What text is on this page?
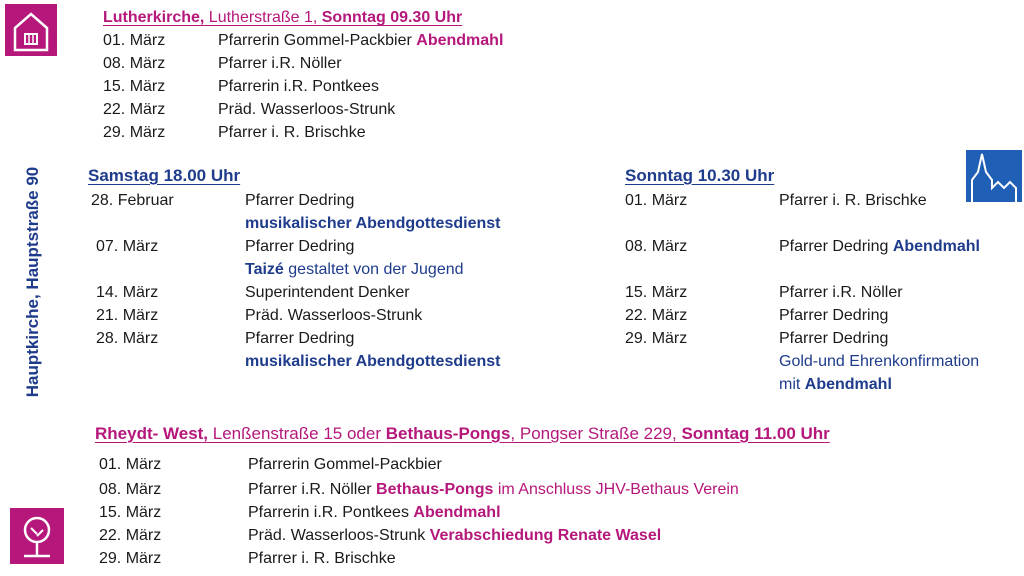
Hauptkirche, Hauptstraße 90
Lutherkirche, Lutherstraße 1, Sonntag 09.30 Uhr
01. März	Pfarrerin Gommel-Packbier Abendmahl
08. März	Pfarrer i.R. Nöller
15. März	Pfarrerin i.R. Pontkees
22. März	Präd. Wasserloos-Strunk
29. März	Pfarrer i. R. Brischke
Samstag 18.00 Uhr
28. Februar	Pfarrer Dedring
musikalischer Abendgottesdienst
07. März	Pfarrer Dedring
Taizé gestaltet von der Jugend
14. März	Superintendent Denker
21. März	Präd. Wasserloos-Strunk
28. März	Pfarrer Dedring
musikalischer Abendgottesdienst
Sonntag 10.30 Uhr
01. März	Pfarrer i. R. Brischke
08. März	Pfarrer Dedring Abendmahl
15. März	Pfarrer i.R. Nöller
22. März	Pfarrer Dedring
29. März	Pfarrer Dedring
Gold-und Ehrenkonfirmation
mit Abendmahl
Rheydt- West, Lenßenstraße 15 oder Bethaus-Pongs, Pongser Straße 229, Sonntag 11.00 Uhr
01. März	Pfarrerin Gommel-Packbier
08. März	Pfarrer i.R. Nöller Bethaus-Pongs im Anschluss JHV-Bethaus Verein
15. März	Pfarrerin i.R. Pontkees Abendmahl
22. März	Präd. Wasserloos-Strunk Verabschiedung Renate Wasel
29. März	Pfarrer i. R. Brischke
